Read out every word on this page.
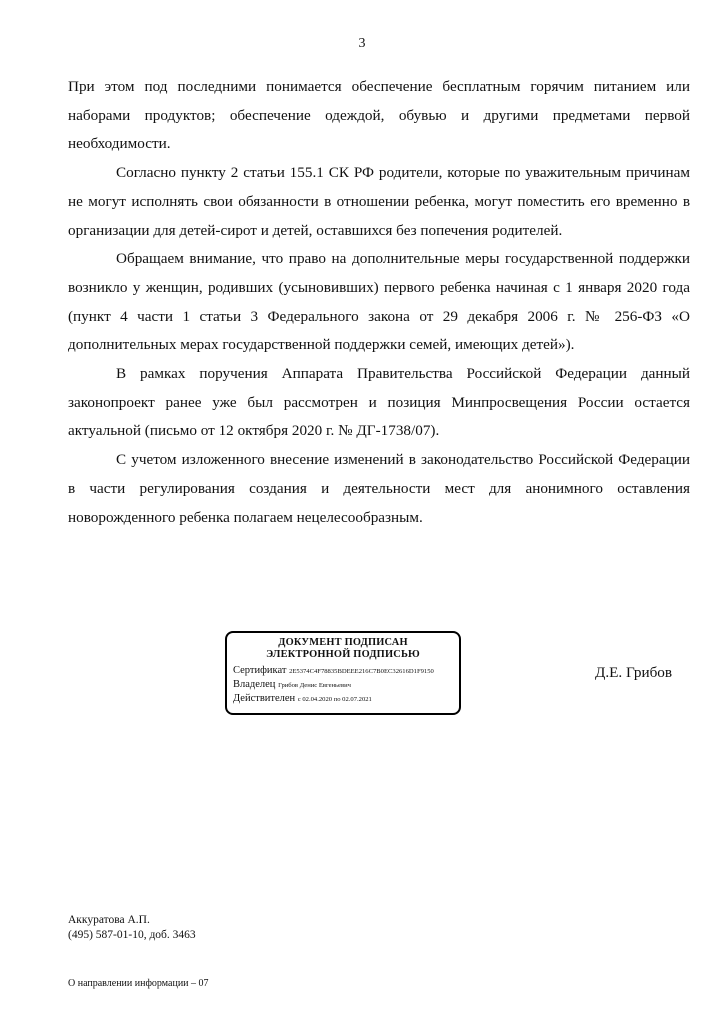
3

При этом под последними понимается обеспечение бесплатным горячим питанием или наборами продуктов; обеспечение одеждой, обувью и другими предметами первой необходимости.

Согласно пункту 2 статьи 155.1 СК РФ родители, которые по уважительным причинам не могут исполнять свои обязанности в отношении ребенка, могут поместить его временно в организации для детей-сирот и детей, оставшихся без попечения родителей.

Обращаем внимание, что право на дополнительные меры государственной поддержки возникло у женщин, родивших (усыновивших) первого ребенка начиная с 1 января 2020 года (пункт 4 части 1 статьи 3 Федерального закона от 29 декабря 2006 г. № 256-ФЗ «О дополнительных мерах государственной поддержки семей, имеющих детей»).

В рамках поручения Аппарата Правительства Российской Федерации данный законопроект ранее уже был рассмотрен и позиция Минпросвещения России остается актуальной (письмо от 12 октября 2020 г. № ДГ-1738/07).

С учетом изложенного внесение изменений в законодательство Российской Федерации в части регулирования создания и деятельности мест для анонимного оставления новорожденного ребенка полагаем нецелесообразным.

ДОКУМЕНТ ПОДПИСАН
ЭЛЕКТРОННОЙ ПОДПИСЬЮ
Сертификат 2E5374C4F78835BDEEE216C7B0EC32616D1F9150
Владелец Грибов Денис Евгеньевич
Действителен с 02.04.2020 по 02.07.2021
Д.Е. Грибов
Аккуратова А.П.
(495) 587-01-10, доб. 3463
О направлении информации – 07
